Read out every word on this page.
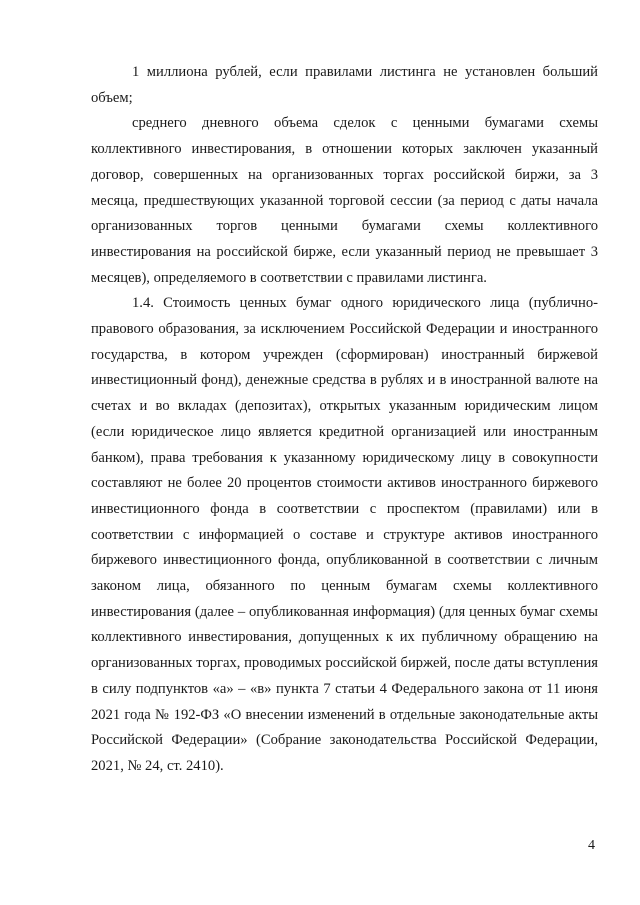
1 миллиона рублей, если правилами листинга не установлен больший объем;

среднего дневного объема сделок с ценными бумагами схемы коллективного инвестирования, в отношении которых заключен указанный договор, совершенных на организованных торгах российской биржи, за 3 месяца, предшествующих указанной торговой сессии (за период с даты начала организованных торгов ценными бумагами схемы коллективного инвестирования на российской бирже, если указанный период не превышает 3 месяцев), определяемого в соответствии с правилами листинга.

1.4. Стоимость ценных бумаг одного юридического лица (публично-правового образования, за исключением Российской Федерации и иностранного государства, в котором учрежден (сформирован) иностранный биржевой инвестиционный фонд), денежные средства в рублях и в иностранной валюте на счетах и во вкладах (депозитах), открытых указанным юридическим лицом (если юридическое лицо является кредитной организацией или иностранным банком), права требования к указанному юридическому лицу в совокупности составляют не более 20 процентов стоимости активов иностранного биржевого инвестиционного фонда в соответствии с проспектом (правилами) или в соответствии с информацией о составе и структуре активов иностранного биржевого инвестиционного фонда, опубликованной в соответствии с личным законом лица, обязанного по ценным бумагам схемы коллективного инвестирования (далее – опубликованная информация) (для ценных бумаг схемы коллективного инвестирования, допущенных к их публичному обращению на организованных торгах, проводимых российской биржей, после даты вступления в силу подпунктов «а» – «в» пункта 7 статьи 4 Федерального закона от 11 июня 2021 года № 192-ФЗ «О внесении изменений в отдельные законодательные акты Российской Федерации» (Собрание законодательства Российской Федерации, 2021, № 24, ст. 2410).

4
